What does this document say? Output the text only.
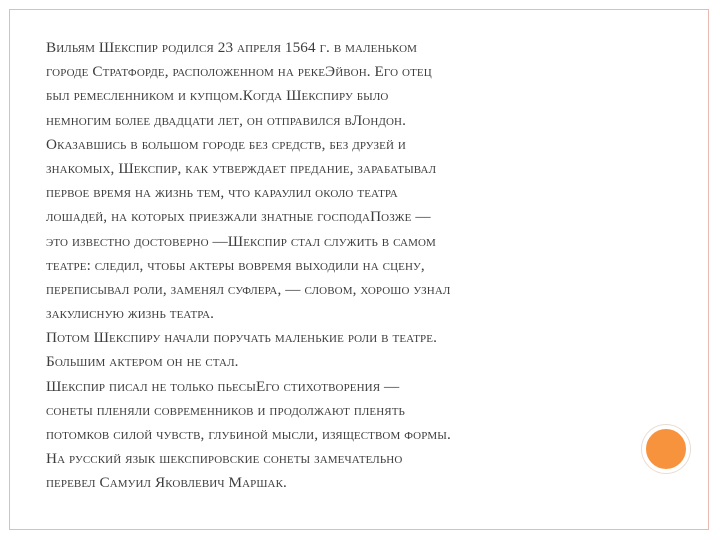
Вильям Шекспир родился 23 апреля 1564 г. в маленьком
городе Стратфорде, расположенном на рекеЭйвон. Его отец
был ремесленником и купцом.Когда Шекспиру было
немногим более двадцати лет, он отправился вЛондон.
Оказавшись в большом городе без средств, без друзей и
знакомых, Шекспир, как утверждает предание, зарабатывал
первое время на жизнь тем, что караулил около театра
лошадей, на которых приезжали знатные господаПозже —
это известно достоверно —Шекспир стал служить в самом
театре: следил, чтобы актеры вовремя выходили на сцену,
переписывал роли, заменял суфлера, — словом, хорошо узнал
закулисную жизнь театра.
Потом Шекспиру начали поручать маленькие роли в театре.
Большим актером он не стал.
Шекспир писал не только пьесыЕго стихотворения —
сонеты пленяли современников и продолжают пленять
потомков силой чувств, глубиной мысли, изяществом формы.
На русский язык шекспировские сонеты замечательно
перевел Самуил Яковлевич Маршак.
